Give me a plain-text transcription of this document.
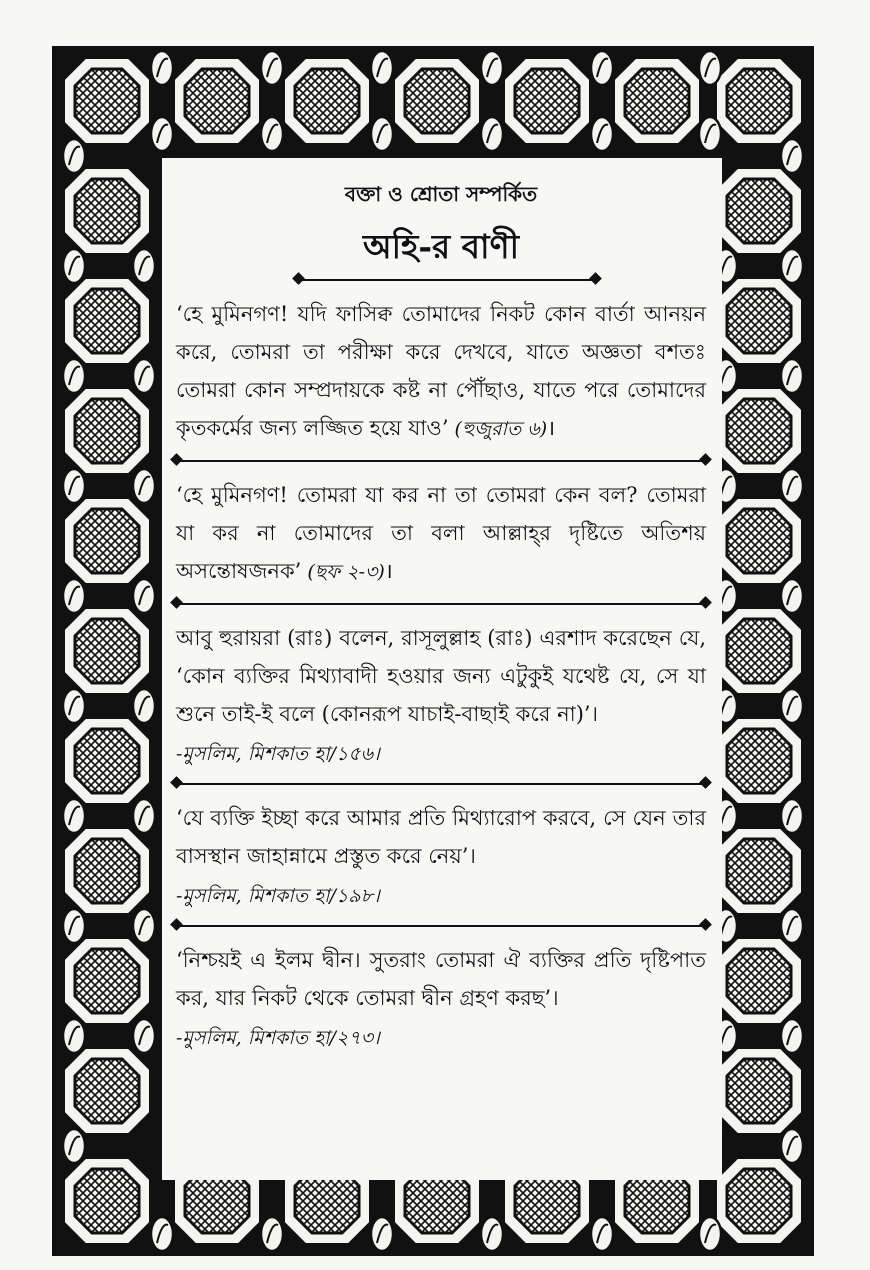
বক্তা ও শ্রোতা সম্পর্কিত

অহি-র বাণী

‘হে মুমিনগণ! যদি ফাসিক্ব তোমাদের নিকট কোন বার্তা আনয়ন করে, তোমরা তা পরীক্ষা করে দেখবে, যাতে অজ্ঞতা বশতঃ তোমরা কোন সম্প্রদায়কে কষ্ট না পৌঁছাও, যাতে পরে তোমাদের কৃতকর্মের জন্য লজ্জিত হয়ে যাও’ (হুজুরাত ৬)।

‘হে মুমিনগণ! তোমরা যা কর না তা তোমরা কেন বল? তোমরা যা কর না তোমাদের তা বলা আল্লাহ্‌র দৃষ্টিতে অতিশয় অসন্তোষজনক’ (ছফ ২-৩)।

আবু হুরায়রা (রাঃ) বলেন, রাসূলুল্লাহ (রাঃ) এরশাদ করেছেন যে, ‘কোন ব্যক্তির মিথ্যাবাদী হওয়ার জন্য এটুকুই যথেষ্ট যে, সে যা শুনে তাই-ই বলে (কোনরূপ যাচাই-বাছাই করে না)’।

-মুসলিম, মিশকাত হা/১৫৬।

‘যে ব্যক্তি ইচ্ছা করে আমার প্রতি মিথ্যারোপ করবে, সে যেন তার বাসস্থান জাহান্নামে প্রস্তুত করে নেয়’।

-মুসলিম, মিশকাত হা/১৯৮।

‘নিশ্চয়ই এ ইলম দ্বীন। সুতরাং তোমরা ঐ ব্যক্তির প্রতি দৃষ্টিপাত কর, যার নিকট থেকে তোমরা দ্বীন গ্রহণ করছ’।

-মুসলিম, মিশকাত হা/২৭৩।
